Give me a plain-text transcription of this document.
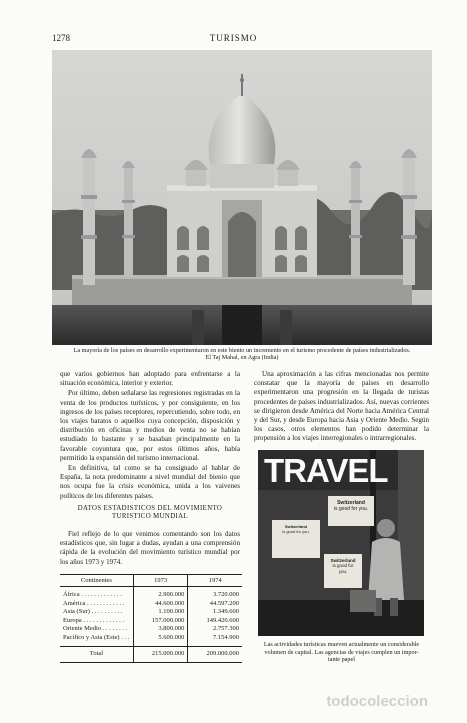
1278	TURISMO
La mayoría de los países en desarrollo experimentaron en este bienio un incremento en el turismo procedente de países industrializados.
El Taj Mahal, en Agra (India)

que varios gobiernos han adoptado para enfrentarse a la situación económica, interior y exterior.

Por último, deben señalarse las regresiones registradas en la venta de los productos turísticos, y por consiguiente, en los ingresos de los países receptores, repercutiendo, sobre todo, en los viajes baratos o aquellos cuya concepción, disposición y distribución en oficinas y medios de venta no se habían estudiado lo bastante y se basaban principalmente en la favorable coyuntura que, por estos últimos años, había permitido la expansión del turismo internacional.

En definitiva, tal como se ha consignado al hablar de España, la nota predominante a nivel mundial del bienio que nos ocupa fue la crisis económica, unida a los vaivenes políticos de los diferentes países.

DATOS ESTADISTICOS DEL MOVIMIENTO
TURISTICO MUNDIAL

Fiel reflejo de lo que venimos comentando son los datos estadísticos que, sin lugar a dudas, ayudan a una comprensión rápida de la evolución del movimiento turístico mundial por los años 1973 y 1974.

Continentes	1973	1974

África . . . . . . . . . . . . .	2.900.000	3.720.000
América . . . . . . . . . . . .	44.600.000	44.597.200
Asia (Sur) . . . . . . . . . .	1.100.000	1.349.600
Europa . . . . . . . . . . . . .	157.000.000	149.420.600
Oriente Medio . . . . . . . .	3.800.000	2.757.300
Pacífico y Asia (Este) . . .	5.600.000	7.154.900

Total	215.000.000	209.000.000

Una aproximación a las cifras mencionadas nos permite constatar que la mayoría de países en desarrollo experimentaron una progresión en la llegada de turistas procedentes de países industrializados. Así, nuevas corrientes se dirigieron desde América del Norte hacia América Central y del Sur, y desde Europa hacia Asia y Oriente Medio. Según los casos, otros elementos han podido determinar la propensión a los viajes interregionales o intrarregionales.

TRAVEL
Switzerland
is good for you.
Switzerland
is good for you.
Switzerland
is good for
you.
Las actividades turísticas mueven actualmente un considerable
volumen de capital. Las agencias de viajes cumplen un impor-
tante papel
todocoleccion
